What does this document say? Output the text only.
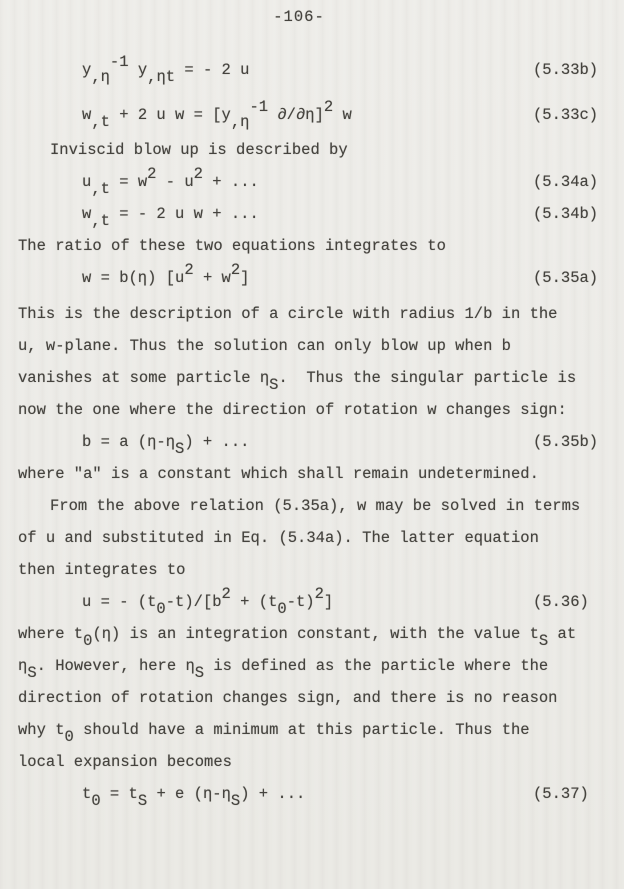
-106-
y,η-1 y,ηt = - 2 u	(5.33b)
w,t + 2 u w = [y,η-1 ∂/∂η]2 w	(5.33c)
Inviscid blow up is described by
u,t = w2 - u2 + ...	(5.34a)
w,t = - 2 u w + ...	(5.34b)
The ratio of these two equations integrates to
w = b(η) [u2 + w2]	(5.35a)
This is the description of a circle with radius 1/b in the
u, w-plane. Thus the solution can only blow up when b
vanishes at some particle ηS.  Thus the singular particle is
now the one where the direction of rotation w changes sign:
b = a (η-ηS) + ...	(5.35b)
where "a" is a constant which shall remain undetermined.
From the above relation (5.35a), w may be solved in terms
of u and substituted in Eq. (5.34a). The latter equation
then integrates to
u = - (t0-t)/[b2 + (t0-t)2]	(5.36)
where t0(η) is an integration constant, with the value tS at
ηS. However, here ηS is defined as the particle where the
direction of rotation changes sign, and there is no reason
why t0 should have a minimum at this particle. Thus the
local expansion becomes
t0 = tS + e (η-ηS) + ...	(5.37)
